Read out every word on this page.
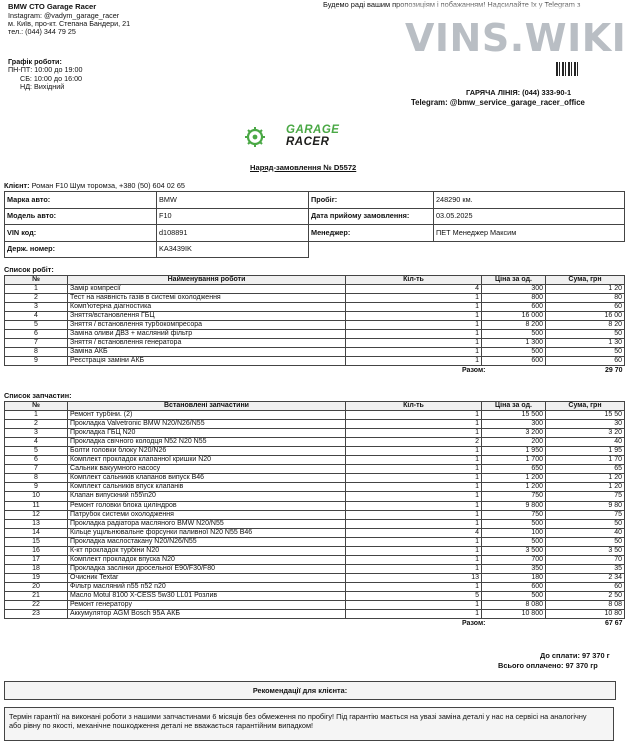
BMW СТО Garage Racer
Instagram: @vadym_garage_racer
м. Київ, про-кт. Степана Бандери, 21
тел.: (044) 344 79 25
Будемо раді вашим пропозиціям і побажанням! Надсилайте їх у Telegram з
Графік роботи:
ПН-ПТ: 10:00 до 19:00
СБ: 10:00 до 16:00
НД: Вихідний
VINS.WIKI
ГАРЯЧА ЛІНІЯ: (044) 333-90-1
Telegram: @bmw_service_garage_racer_office
GARAGE
RACER
Наряд-замовлення № D5572
Клієнт: Роман F10 Шум торомза, +380 (50) 604 02 65
Марка авто:	BMW	Пробіг:	248290 км.
Модель авто:	F10	Дата прийому замовлення:	03.05.2025
VIN код:	d108891	Менеджер:	ПЕТ Менеджер Максим
Держ. номер:	KA3439IK		
Список робіт:
№	Найменування роботи	Кіл-ть	Ціна за од.	Сума, грн
1	Замір компресії	4	300	1 20
2	Тест на наявність газів в системі охолодження	1	800	80
3	Комп'ютерна діагностика	1	600	60
4	Зняття/встановлення ГБЦ	1	16 000	16 00
5	Зняття / встановлення турбокомпресора	1	8 200	8 20
6	Заміна оливи ДВЗ + масляний фільтр	1	500	50
7	Зняття / встановлення генератора	1	1 300	1 30
8	Заміна АКБ	1	500	50
9	Реєстрація заміни АКБ	1	600	60
		Разом:		29 70
Список запчастин:
№	Встановлені запчастини	Кіл-ть	Ціна за од.	Сума, грн
1	Ремонт турбіни. (2)	1	15 500	15 50
2	Прокладка Valvetronic BMW N20/N26/N55	1	300	30
3	Прокладка ГБЦ N20	1	3 200	3 20
4	Прокладка свічного колодця N52 N20 N55	2	200	40
5	Болти головки блоку N20/N26	1	1 950	1 95
6	Комплект прокладок клапанної кришки N20	1	1 700	1 70
7	Сальник вакуумного насосу	1	650	65
8	Комплект сальників клапанов випуск B46	1	1 200	1 20
9	Комплект сальників впуск клапанів	1	1 200	1 20
10	Клапан випускний n55\n20	1	750	75
11	Ремонт головки блока циліндров	1	9 800	9 80
12	Патрубок системи охолодження	1	750	75
13	Прокладка радіатора масляного BMW N20/N55	1	500	50
14	Кільце ущільнювальне форсунки паливної N20 N55 B46	4	100	40
15	Прокладка маслостаканy N20/N26/N55	1	500	50
16	К-кт прокладок турбіни N20	1	3 500	3 50
17	Комплект прокладок впуска N20	1	700	70
18	Прокладка заслінки дросельної E90/F30/F80	1	350	35
19	Очисник Textar	13	180	2 34
20	Фільтр масляний n55 n52 n20	1	600	60
21	Масло Motul 8100 X-CESS 5w30 LL01 Розлив	5	500	2 50
22	Ремонт генератору	1	8 080	8 08
23	Аккумулятор AGM Bosch 95A АКБ	1	10 800	10 80
		Разом:		67 67
До сплати: 97 370 г
Всього оплачено: 97 370 гр
Рекомендації для клієнта:
Термін гарантії на виконані роботи з нашими запчастинами 6 місяців без обмеження по пробігу! Під гарантію мається на увазі заміна деталі у нас на сервісі на аналогічну або рівну по якості, механічне пошкодження деталі не вважається гарантійним випадком!
